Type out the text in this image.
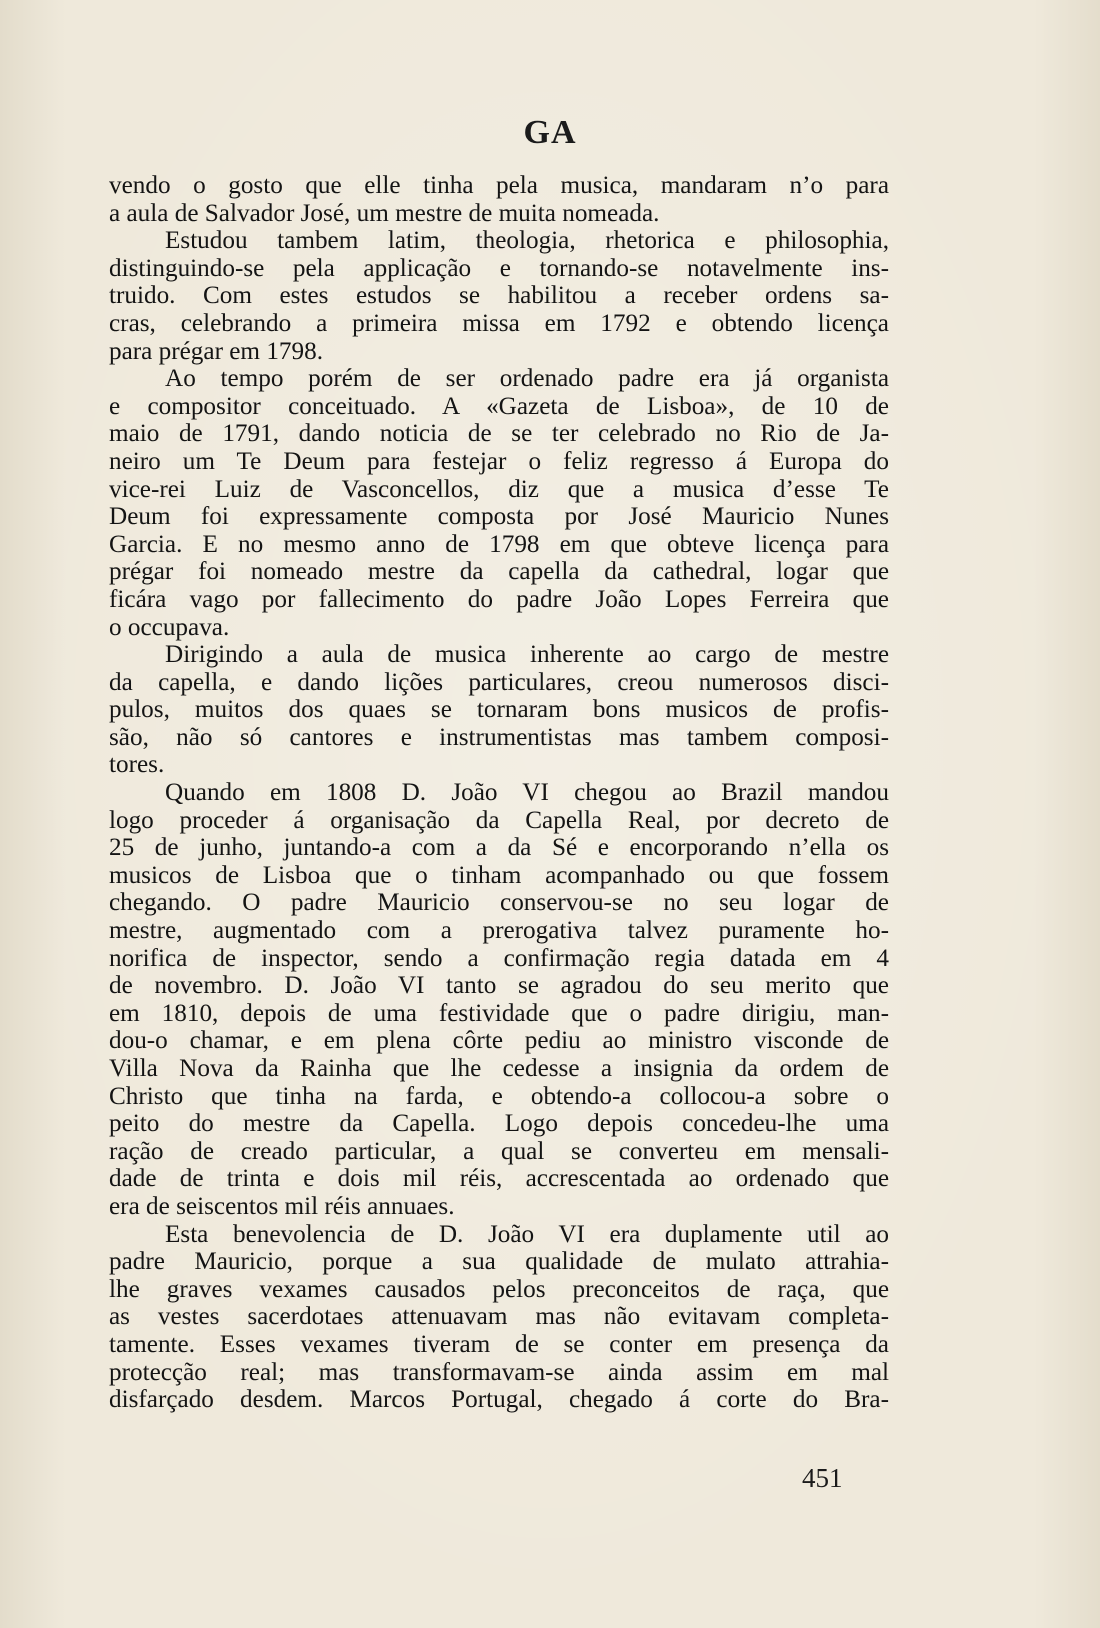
GA
vendo o gosto que elle tinha pela musica, mandaram n’o para
a aula de Salvador José, um mestre de muita nomeada.
Estudou tambem latim, theologia, rhetorica e philosophia,
distinguindo-se pela applicação e tornando-se notavelmente ins-
truido. Com estes estudos se habilitou a receber ordens sa-
cras, celebrando a primeira missa em 1792 e obtendo licença
para prégar em 1798.
Ao tempo porém de ser ordenado padre era já organista
e compositor conceituado. A «Gazeta de Lisboa», de 10 de
maio de 1791, dando noticia de se ter celebrado no Rio de Ja-
neiro um Te Deum para festejar o feliz regresso á Europa do
vice-rei Luiz de Vasconcellos, diz que a musica d’esse Te
Deum foi expressamente composta por José Mauricio Nunes
Garcia. E no mesmo anno de 1798 em que obteve licença para
prégar foi nomeado mestre da capella da cathedral, logar que
ficára vago por fallecimento do padre João Lopes Ferreira que
o occupava.
Dirigindo a aula de musica inherente ao cargo de mestre
da capella, e dando lições particulares, creou numerosos disci-
pulos, muitos dos quaes se tornaram bons musicos de profis-
são, não só cantores e instrumentistas mas tambem composi-
tores.
Quando em 1808 D. João VI chegou ao Brazil mandou
logo proceder á organisação da Capella Real, por decreto de
25 de junho, juntando-a com a da Sé e encorporando n’ella os
musicos de Lisboa que o tinham acompanhado ou que fossem
chegando. O padre Mauricio conservou-se no seu logar de
mestre, augmentado com a prerogativa talvez puramente ho-
norifica de inspector, sendo a confirmação regia datada em 4
de novembro. D. João VI tanto se agradou do seu merito que
em 1810, depois de uma festividade que o padre dirigiu, man-
dou-o chamar, e em plena côrte pediu ao ministro visconde de
Villa Nova da Rainha que lhe cedesse a insignia da ordem de
Christo que tinha na farda, e obtendo-a collocou-a sobre o
peito do mestre da Capella. Logo depois concedeu-lhe uma
ração de creado particular, a qual se converteu em mensali-
dade de trinta e dois mil réis, accrescentada ao ordenado que
era de seiscentos mil réis annuaes.
Esta benevolencia de D. João VI era duplamente util ao
padre Mauricio, porque a sua qualidade de mulato attrahia-
lhe graves vexames causados pelos preconceitos de raça, que
as vestes sacerdotaes attenuavam mas não evitavam completa-
tamente. Esses vexames tiveram de se conter em presença da
protecção real; mas transformavam-se ainda assim em mal
disfarçado desdem. Marcos Portugal, chegado á corte do Bra-
451
